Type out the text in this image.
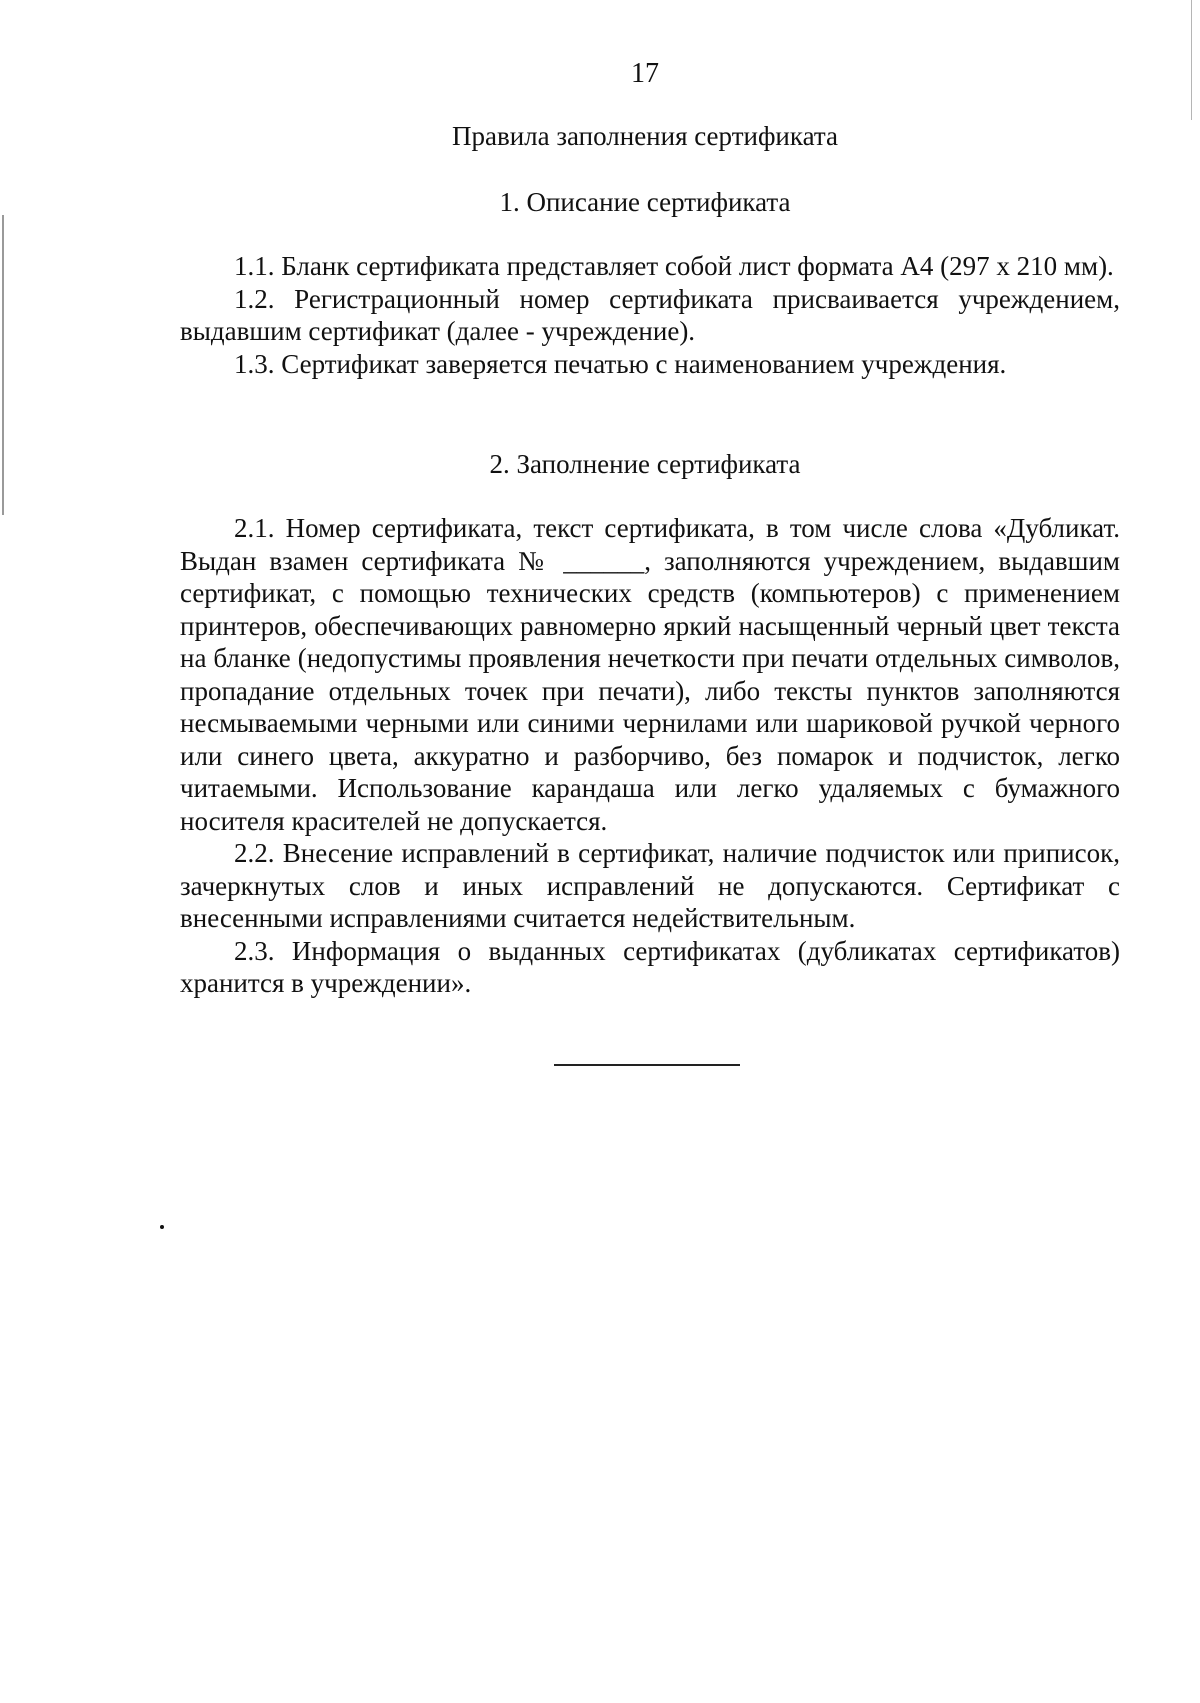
17
Правила заполнения сертификата
1. Описание сертификата

1.1. Бланк сертификата представляет собой лист формата А4 (297 x 210 мм).

1.2. Регистрационный номер сертификата присваивается учреждением, выдавшим сертификат (далее - учреждение).

1.3. Сертификат заверяется печатью с наименованием учреждения.

2. Заполнение сертификата

2.1. Номер сертификата, текст сертификата, в том числе слова «Дубликат. Выдан взамен сертификата № ______, заполняются учреждением, выдавшим сертификат, с помощью технических средств (компьютеров) с применением принтеров, обеспечивающих равномерно яркий насыщенный черный цвет текста на бланке (недопустимы проявления нечеткости при печати отдельных символов, пропадание отдельных точек при печати), либо тексты пунктов заполняются несмываемыми черными или синими чернилами или шариковой ручкой черного или синего цвета, аккуратно и разборчиво, без помарок и подчисток, легко читаемыми. Использование карандаша или легко удаляемых с бумажного носителя красителей не допускается.

2.2. Внесение исправлений в сертификат, наличие подчисток или приписок, зачеркнутых слов и иных исправлений не допускаются. Сертификат с внесенными исправлениями считается недействительным.

2.3. Информация о выданных сертификатах (дубликатах сертификатов) хранится в учреждении».
